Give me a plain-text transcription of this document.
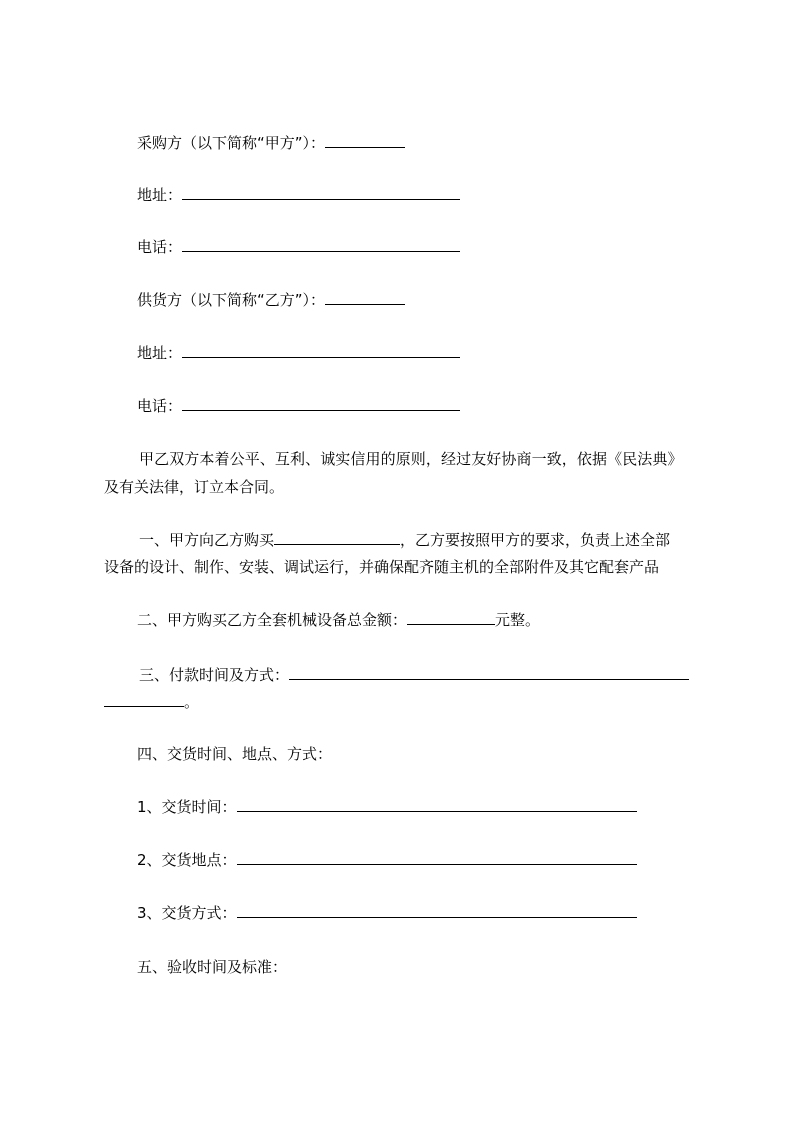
采购方（以下简称“甲方”）：
地址：
电话：
供货方（以下简称“乙方”）：
地址：
电话：
甲乙双方本着公平、互利、诚实信用的原则，经过友好协商一致，依据《民法典》
及有关法律，订立本合同。
一、甲方向乙方购买	，乙方要按照甲方的要求，负责上述全部
设备的设计、制作、安装、调试运行，并确保配齐随主机的全部附件及其它配套产品
二、甲方购买乙方全套机械设备总金额：	元整。
三、付款时间及方式：
。
四、交货时间、地点、方式：
1、交货时间：
2、交货地点：
3、交货方式：
五、验收时间及标准：
